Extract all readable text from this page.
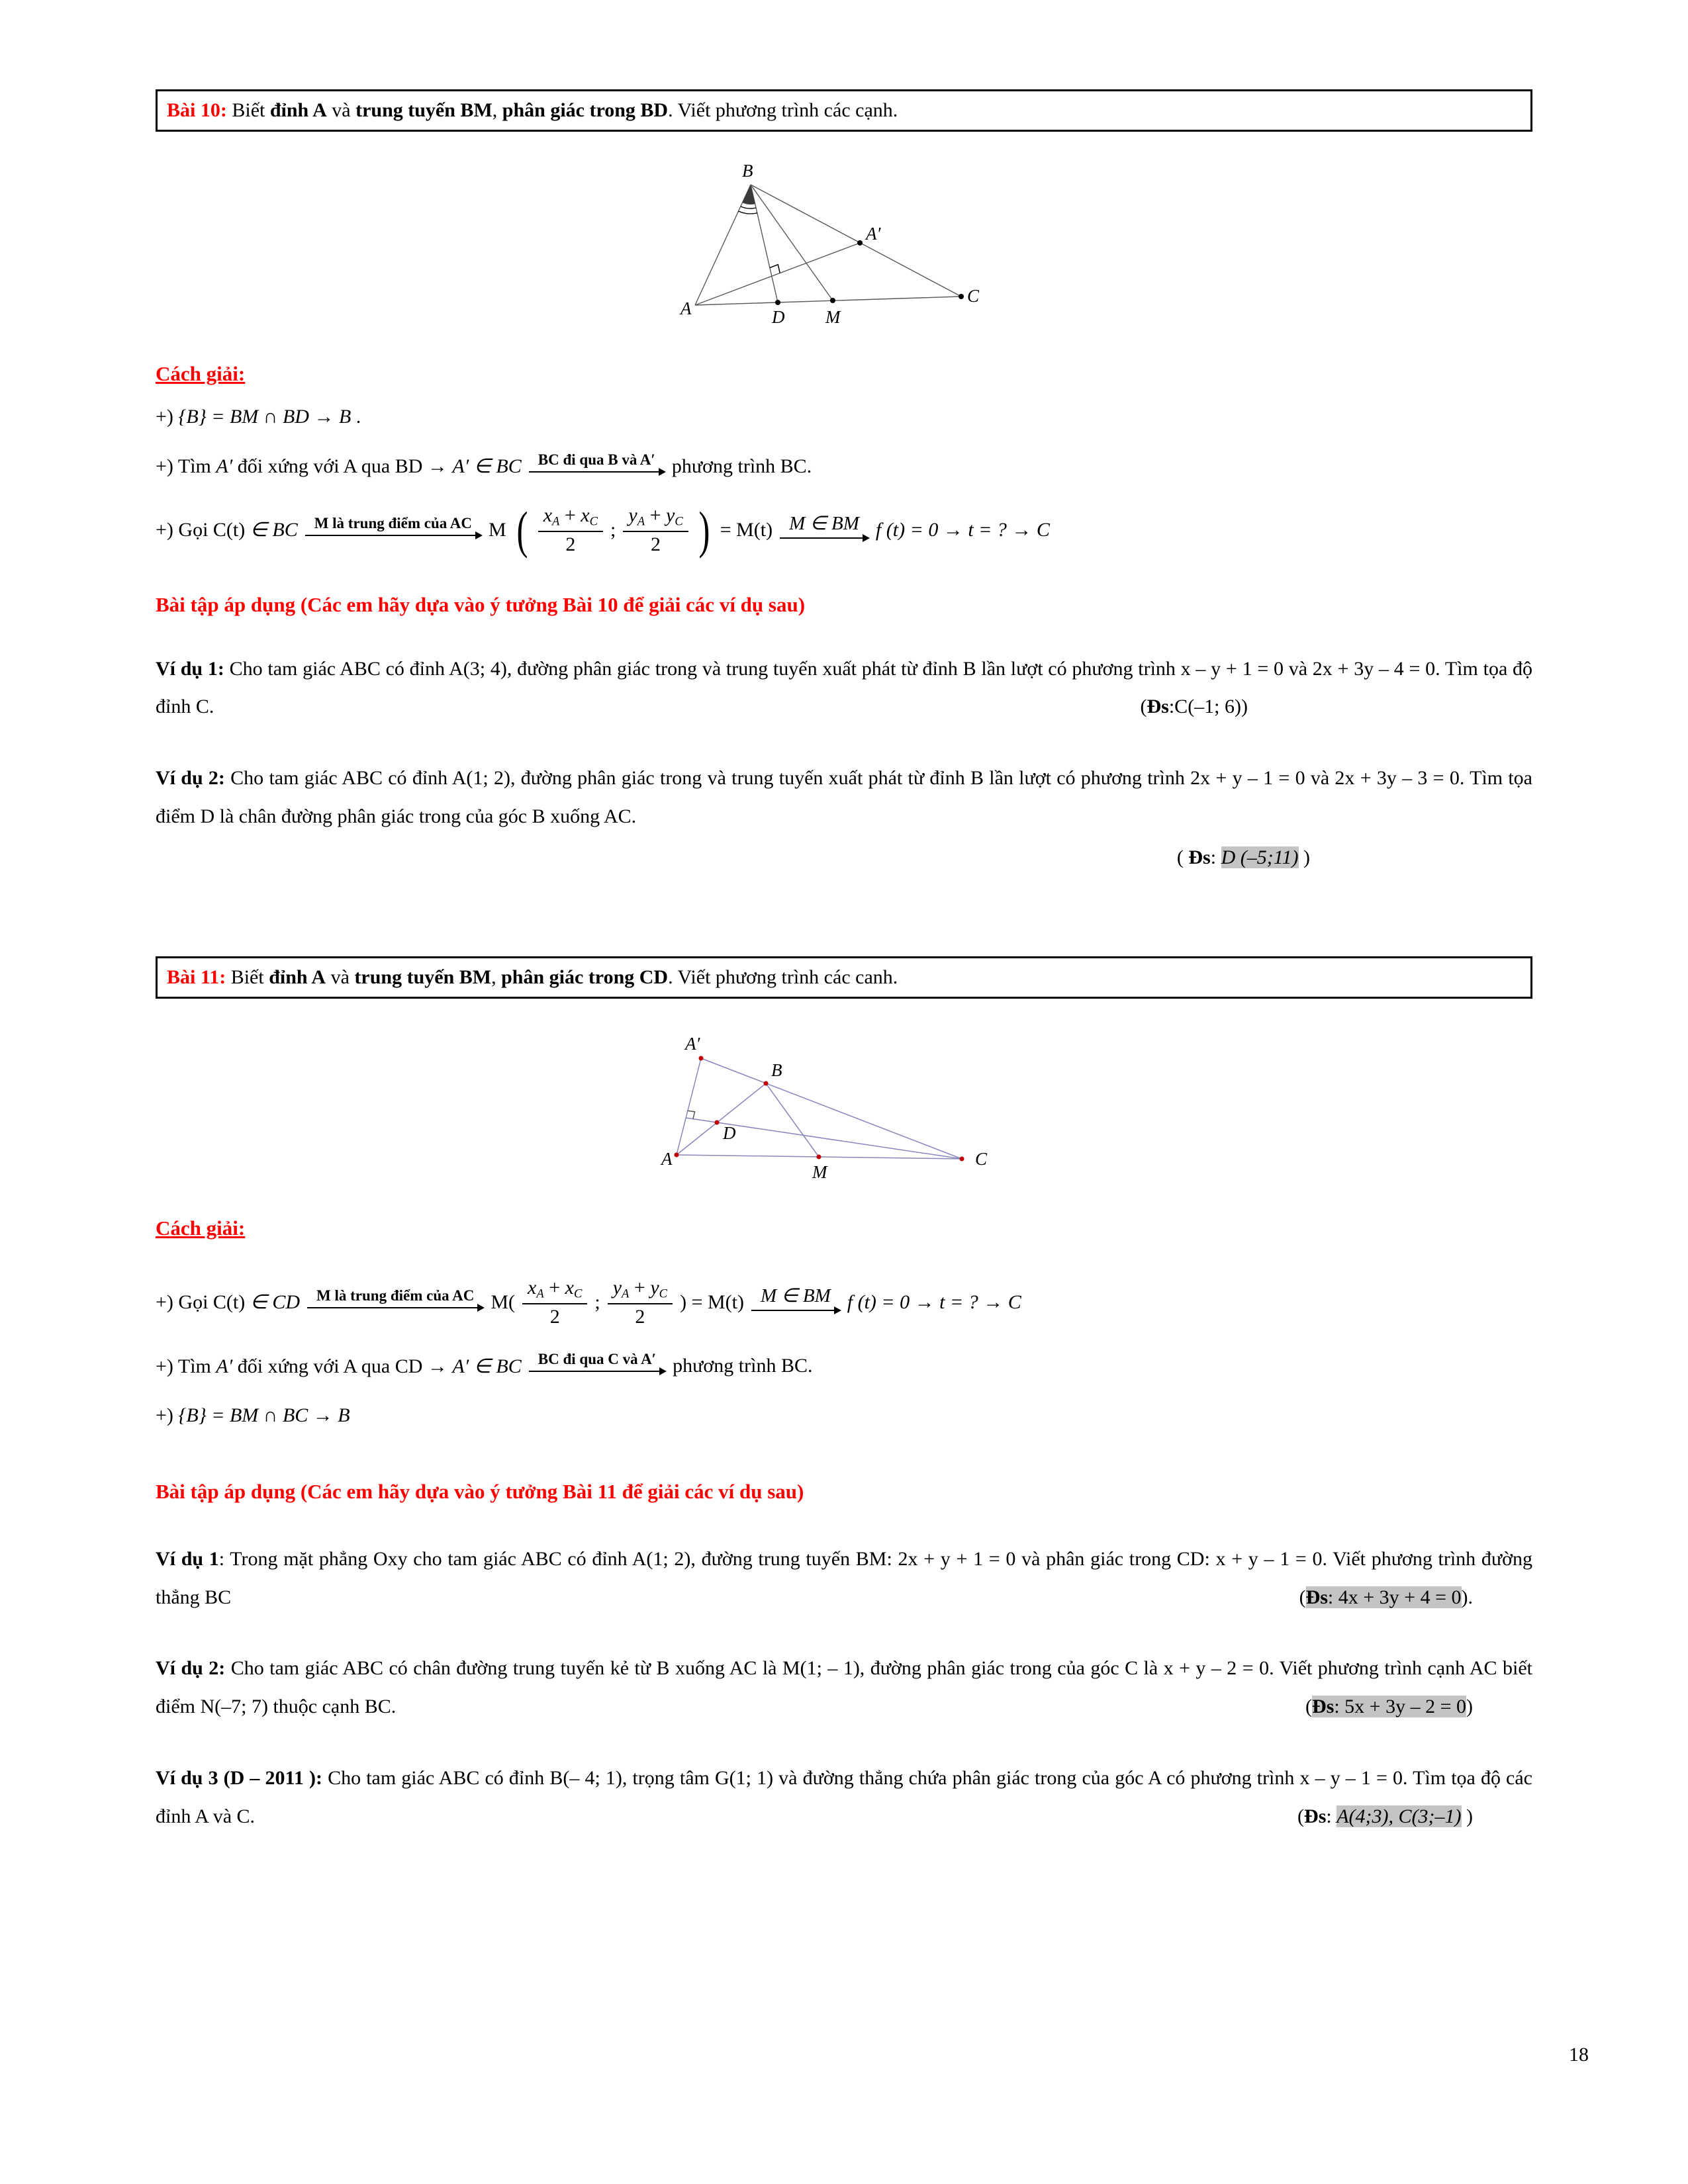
Bài 10: Biết đỉnh A và trung tuyến BM, phân giác trong BD. Viết phương trình các cạnh.
B
A′
A	D M
C
Cách giải:
+) {B} = BM ∩ BD → B .
+) Tìm A′ đối xứng với A qua BD → A′ ∈ BC	BC đi qua B và A′ phương trình BC.
+) Gọi C(t) ∈ BC	M là trung điểm của AC M ( $\frac{xA + xC}{2}$ ; $\frac{yA + yC}{2}$ ) = M(t) M ∈ BM f (t) = 0 → t = ? → C
Bài tập áp dụng (Các em hãy dựa vào ý tưởng Bài 10 để giải các ví dụ sau)

Ví dụ 1: Cho tam giác ABC có đỉnh A(3; 4), đường phân giác trong và trung tuyến xuất phát từ đỉnh B lần lượt có phương trình x – y + 1 = 0 và 2x + 3y – 4 = 0. Tìm tọa độ đỉnh C.	(Đs:C(–1; 6))

Ví dụ 2: Cho tam giác ABC có đỉnh A(1; 2), đường phân giác trong và trung tuyến xuất phát từ đỉnh B lần lượt có phương trình 2x + y – 1 = 0 và 2x + 3y – 3 = 0. Tìm tọa điểm D là chân đường phân giác trong của góc B xuống AC.

( Đs: D (–5;11) )
Bài 11: Biết đỉnh A và trung tuyến BM, phân giác trong CD. Viết phương trình các canh.
A′
B
A
D
M
C
Cách giải:
+) Gọi C(t) ∈ CD	M là trung điểm của AC $M( \frac{xA + xC}{2}$ ; $\frac{yA + yC}{2}$ ) = M(t) M ∈ BM f (t) = 0 → t = ? → C
+) Tìm A′ đối xứng với A qua CD → A′ ∈ BC	BC đi qua C và A′ phương trình BC.
+) {B} = BM ∩ BC → B
Bài tập áp dụng (Các em hãy dựa vào ý tưởng Bài 11 để giải các ví dụ sau)

Ví dụ 1: Trong mặt phẳng Oxy cho tam giác ABC có đỉnh A(1; 2), đường trung tuyến BM: 2x + y + 1 = 0 và phân giác trong CD: x + y – 1 = 0. Viết phương trình đường thẳng BC	(Đs: 4x + 3y + 4 = 0).

Ví dụ 2: Cho tam giác ABC có chân đường trung tuyến kẻ từ B xuống AC là M(1; – 1), đường phân giác trong của góc C là x + y – 2 = 0. Viết phương trình cạnh AC biết điểm N(–7; 7) thuộc cạnh BC.	(Đs: 5x + 3y – 2 = 0)

Ví dụ 3 (D – 2011 ): Cho tam giác ABC có đỉnh B(– 4; 1), trọng tâm G(1; 1) và đường thẳng chứa phân giác trong của góc A có phương trình x – y – 1 = 0. Tìm tọa độ các đỉnh A và C.	(Đs: A(4;3), C(3;–1) )

18
